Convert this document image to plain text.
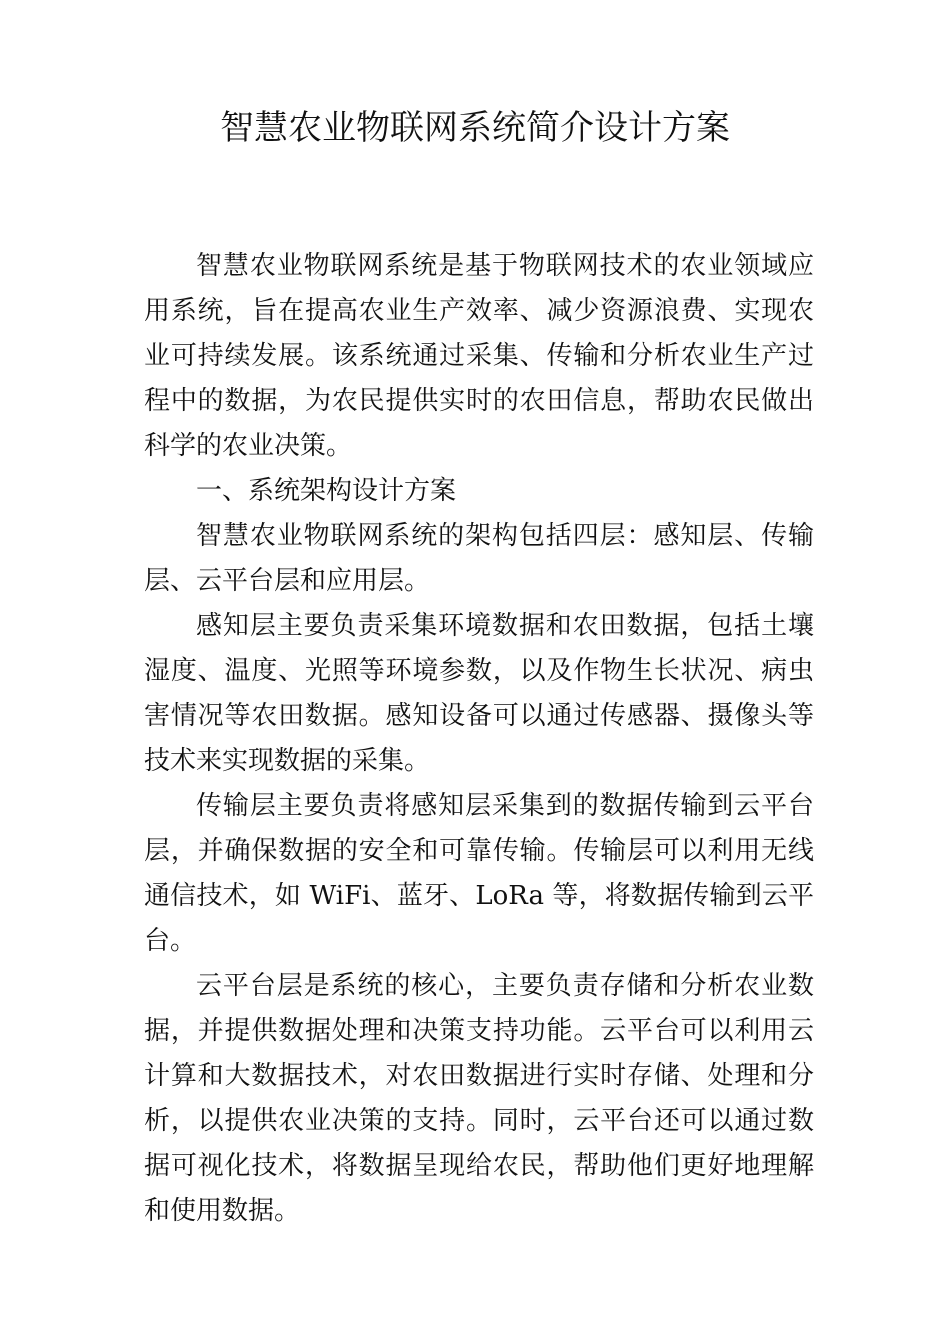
智慧农业物联网系统简介设计方案

智慧农业物联网系统是基于物联网技术的农业领域应用系统，旨在提高农业生产效率、减少资源浪费、实现农业可持续发展。该系统通过采集、传输和分析农业生产过程中的数据，为农民提供实时的农田信息，帮助农民做出科学的农业决策。

一、系统架构设计方案

智慧农业物联网系统的架构包括四层：感知层、传输层、云平台层和应用层。

感知层主要负责采集环境数据和农田数据，包括土壤湿度、温度、光照等环境参数，以及作物生长状况、病虫害情况等农田数据。感知设备可以通过传感器、摄像头等技术来实现数据的采集。

传输层主要负责将感知层采集到的数据传输到云平台层，并确保数据的安全和可靠传输。传输层可以利用无线通信技术，如 WiFi、蓝牙、LoRa 等，将数据传输到云平台。

云平台层是系统的核心，主要负责存储和分析农业数据，并提供数据处理和决策支持功能。云平台可以利用云计算和大数据技术，对农田数据进行实时存储、处理和分析，以提供农业决策的支持。同时，云平台还可以通过数据可视化技术，将数据呈现给农民，帮助他们更好地理解和使用数据。
